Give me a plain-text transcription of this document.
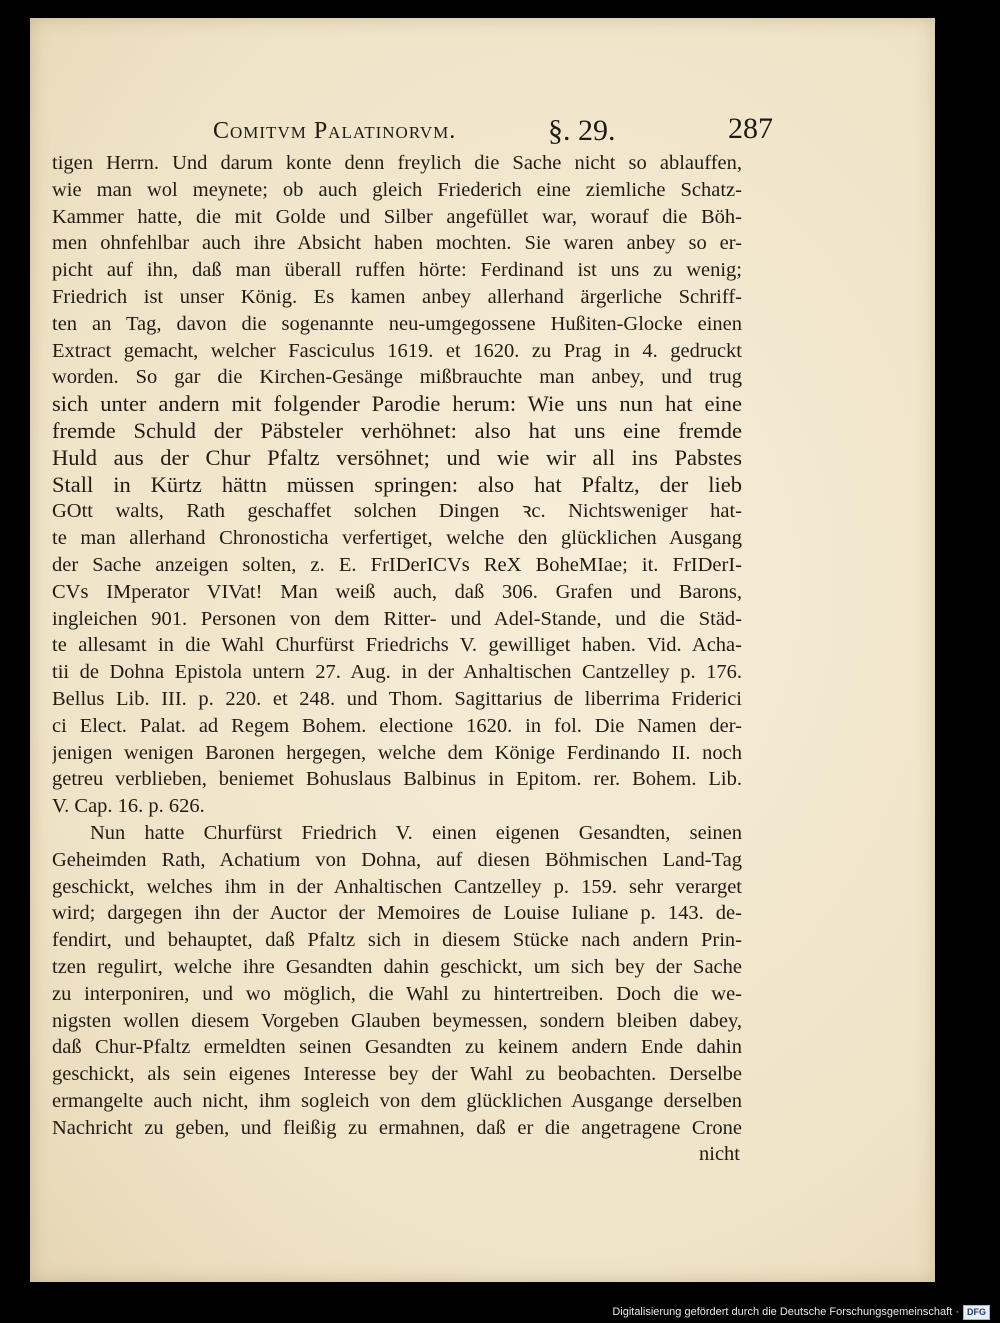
Comitvm Palatinorvm.	§. 29.	287
tigen Herrn. Und darum konte denn freylich die Sache nicht so ablauffen,
wie man wol meynete; ob auch gleich Friederich eine ziemliche Schatz-
Kammer hatte, die mit Golde und Silber angefüllet war, worauf die Böh-
men ohnfehlbar auch ihre Absicht haben mochten. Sie waren anbey so er-
picht auf ihn, daß man überall ruffen hörte: Ferdinand ist uns zu wenig;
Friedrich ist unser König. Es kamen anbey allerhand ärgerliche Schriff-
ten an Tag, davon die sogenannte neu-umgegossene Hußiten-Glocke einen
Extract gemacht, welcher Fasciculus 1619. et 1620. zu Prag in 4. gedruckt
worden. So gar die Kirchen-Gesänge mißbrauchte man anbey, und trug
sich unter andern mit folgender Parodie herum: Wie uns nun hat eine
fremde Schuld der Päbsteler verhöhnet: also hat uns eine fremde
Huld aus der Chur Pfaltz versöhnet; und wie wir all ins Pabstes
Stall in Kürtz hättn müssen springen: also hat Pfaltz, der lieb
GOtt walts, Rath geschaffet solchen Dingen ꝛc. Nichtsweniger hat-
te man allerhand Chronosticha verfertiget, welche den glücklichen Ausgang
der Sache anzeigen solten, z. E. FrIDerICVs ReX BoheMIae; it. FrIDerI-
CVs IMperator VIVat! Man weiß auch, daß 306. Grafen und Barons,
ingleichen 901. Personen von dem Ritter- und Adel-Stande, und die Städ-
te allesamt in die Wahl Churfürst Friedrichs V. gewilliget haben. Vid. Acha-
tii de Dohna Epistola untern 27. Aug. in der Anhaltischen Cantzelley p. 176.
Bellus Lib. III. p. 220. et 248. und Thom. Sagittarius de liberrima Friderici
ci Elect. Palat. ad Regem Bohem. electione 1620. in fol. Die Namen der-
jenigen wenigen Baronen hergegen, welche dem Könige Ferdinando II. noch
getreu verblieben, beniemet Bohuslaus Balbinus in Epitom. rer. Bohem. Lib.
V. Cap. 16. p. 626.
Nun hatte Churfürst Friedrich V. einen eigenen Gesandten, seinen
Geheimden Rath, Achatium von Dohna, auf diesen Böhmischen Land-Tag
geschickt, welches ihm in der Anhaltischen Cantzelley p. 159. sehr verarget
wird; dargegen ihn der Auctor der Memoires de Louise Iuliane p. 143. de-
fendirt, und behauptet, daß Pfaltz sich in diesem Stücke nach andern Prin-
tzen regulirt, welche ihre Gesandten dahin geschickt, um sich bey der Sache
zu interponiren, und wo möglich, die Wahl zu hintertreiben. Doch die we-
nigsten wollen diesem Vorgeben Glauben beymessen, sondern bleiben dabey,
daß Chur-Pfaltz ermeldten seinen Gesandten zu keinem andern Ende dahin
geschickt, als sein eigenes Interesse bey der Wahl zu beobachten. Derselbe
ermangelte auch nicht, ihm sogleich von dem glücklichen Ausgange derselben
Nachricht zu geben, und fleißig zu ermahnen, daß er die angetragene Crone
nicht
Digitalisierung gefördert durch die Deutsche Forschungsgemeinschaft · DFG
